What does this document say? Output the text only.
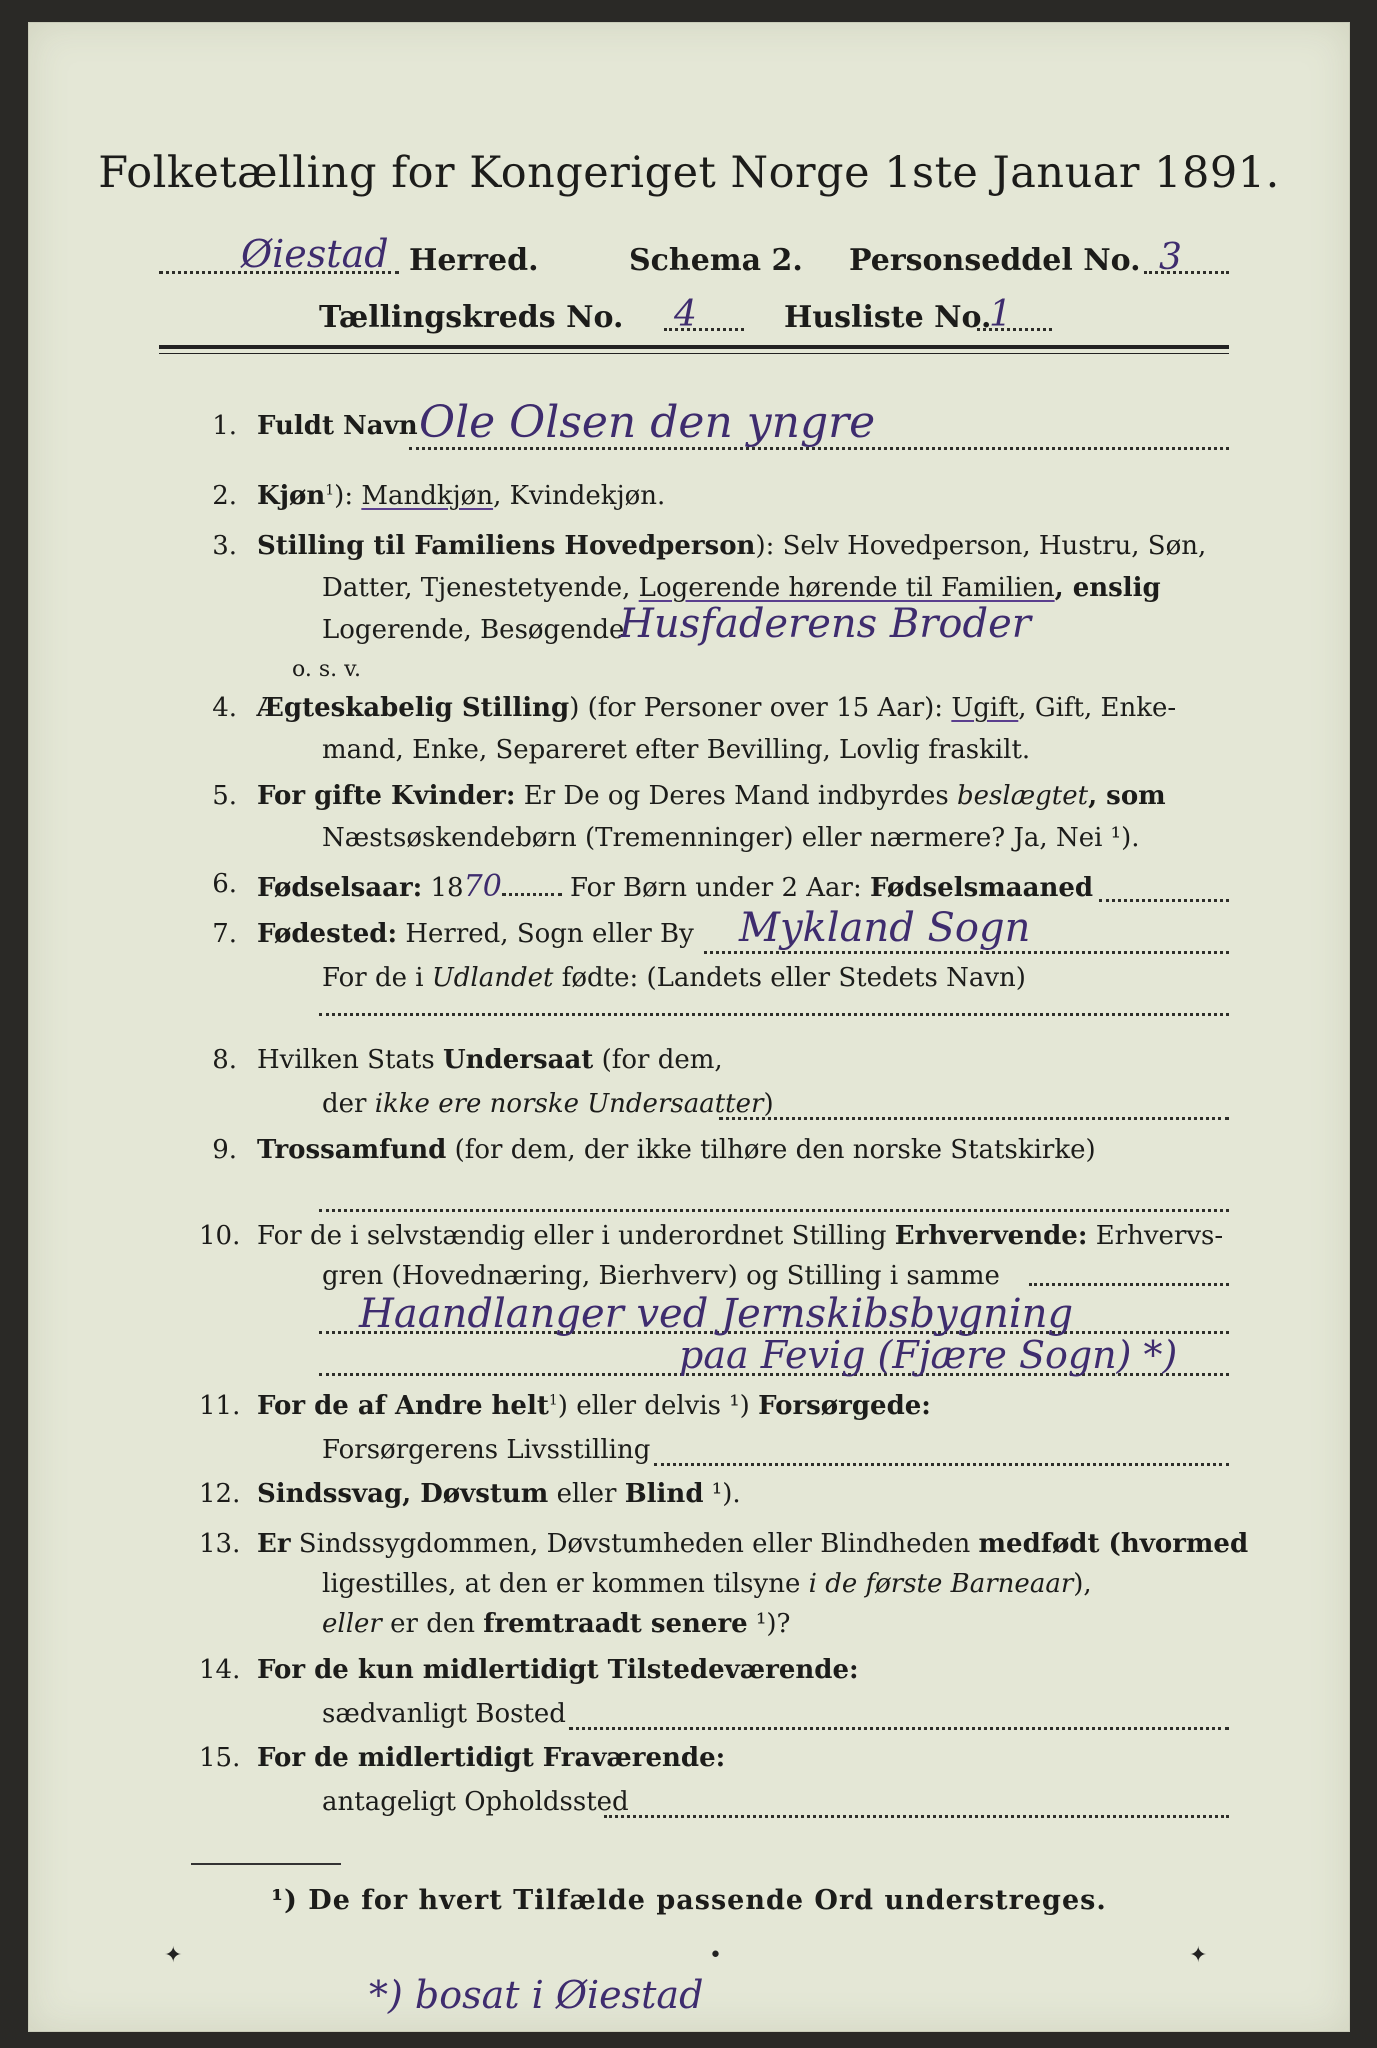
Folketælling for Kongeriget Norge 1ste Januar 1891.
Øiestad Herred.	Schema 2. Personseddel No. 3
Tællingskreds No. 4	Husliste No.
1
1. Fuldt Navn Ole Olsen den yngre
2. Kjøn$^1$): Mandkjøn, Kvindekjøn.
3. Stilling til Familiens Hovedperson): Selv Hovedperson, Hustru, Søn,
Datter, Tjenestetyende, Logerende hørende til Familien, enslig
Logerende, Besøgende
Husfaderens Broder
o. s. v.
4. Ægteskabelig Stilling) (for Personer over 15 Aar): Ugift, Gift, Enke-
mand, Enke, Separeret efter Bevilling, Lovlig fraskilt.
5. For gifte Kvinder: Er De og Deres Mand indbyrdes beslægtet, som
Næstsøskendebørn (Tremenninger) eller nærmere? Ja, Nei ¹).
6. Fødselsaar: 1870 For Børn under 2 Aar: Fødselsmaaned
7. Fødested: Herred, Sogn eller By Mykland Sogn
For de i Udlandet fødte: (Landets eller Stedets Navn)
8. Hvilken Stats Undersaat (for dem,
der ikke ere norske Undersaatter)
9. Trossamfund (for dem, der ikke tilhøre den norske Statskirke)
10. For de i selvstændig eller i underordnet Stilling Erhvervende: Erhvervs-
gren (Hovednæring, Bierhverv) og Stilling i samme
Haandlanger ved Jernskibsbygning
paa Fevig (Fjære Sogn) *)
11. For de af Andre helt$^1$) eller delvis ¹) Forsørgede:
Forsørgerens Livsstilling
12. Sindssvag, Døvstum eller Blind ¹).
13. Er Sindssygdommen, Døvstumheden eller Blindheden medfødt (hvormed
ligestilles, at den er kommen tilsyne i de første Barneaar),
eller er den fremtraadt senere ¹)?
14. For de kun midlertidigt Tilstedeværende:
sædvanligt Bosted
15. For de midlertidigt Fraværende:
antageligt Opholdssted
¹) De for hvert Tilfælde passende Ord understreges.
✦	•	✦
*) bosat i Øiestad
